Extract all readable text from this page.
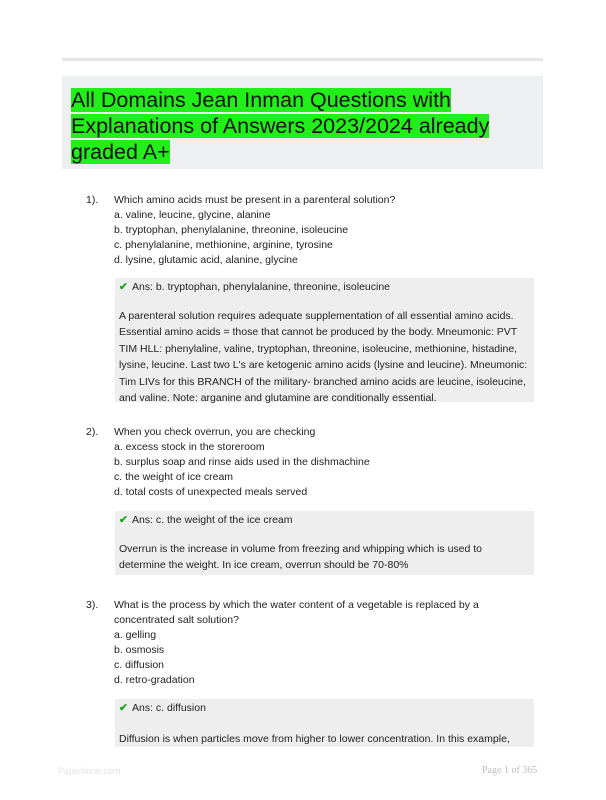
All Domains Jean Inman Questions with Explanations of Answers 2023/2024 already graded A+
1). Which amino acids must be present in a parenteral solution?
a. valine, leucine, glycine, alanine
b. tryptophan, phenylalanine, threonine, isoleucine
c. phenylalanine, methionine, arginine, tyrosine
d. lysine, glutamic acid, alanine, glycine
✔ Ans: b. tryptophan, phenylalanine, threonine, isoleucine
A parenteral solution requires adequate supplementation of all essential amino acids.
Essential amino acids = those that cannot be produced by the body. Mneumonic: PVT
TIM HLL: phenylaline, valine, tryptophan, threonine, isoleucine, methionine, histadine,
lysine, leucine. Last two L's are ketogenic amino acids (lysine and leucine). Mneumonic:
Tim LIVs for this BRANCH of the military- branched amino acids are leucine, isoleucine,
and valine. Note: arganine and glutamine are conditionally essential.
2). When you check overrun, you are checking
a. excess stock in the storeroom
b. surplus soap and rinse aids used in the dishmachine
c. the weight of ice cream
d. total costs of unexpected meals served
✔ Ans: c. the weight of the ice cream
Overrun is the increase in volume from freezing and whipping which is used to
determine the weight. In ice cream, overrun should be 70-80%
3). What is the process by which the water content of a vegetable is replaced by a
concentrated salt solution?
a. gelling
b. osmosis
c. diffusion
d. retro-gradation
✔ Ans: c. diffusion
Diffusion is when particles move from higher to lower concentration. In this example,
Paperlibrai.com	Page 1 of 365
